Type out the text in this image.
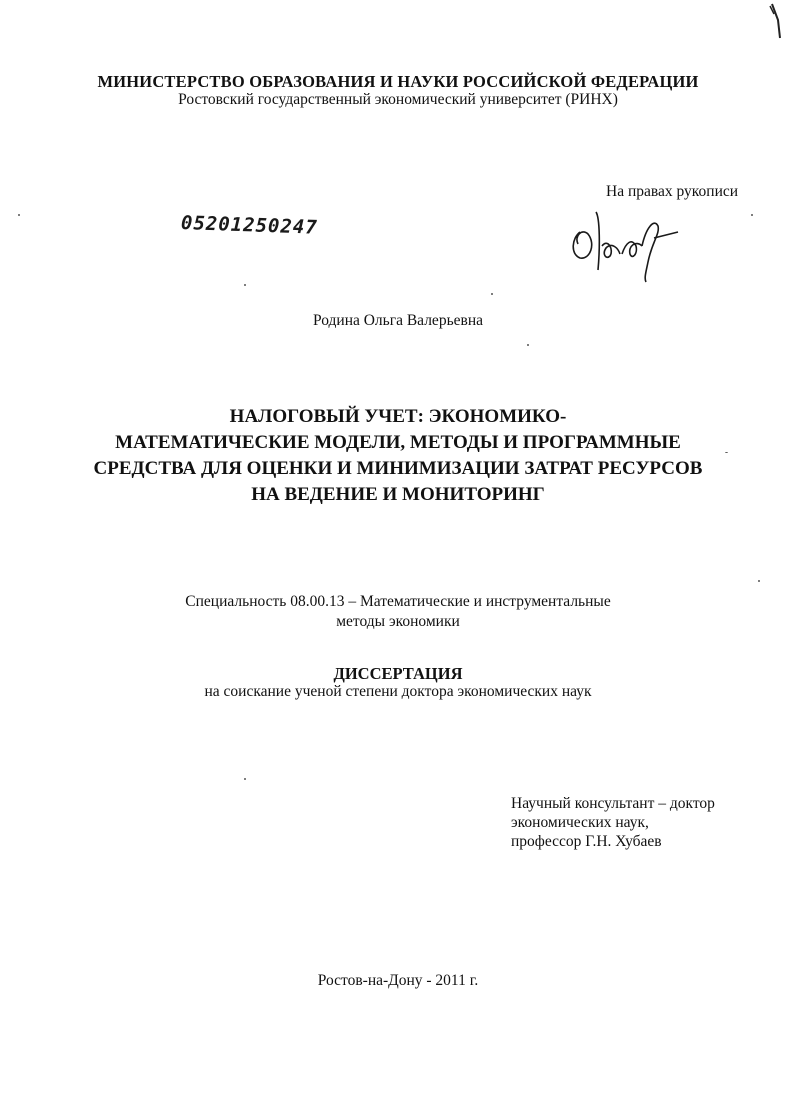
МИНИСТЕРСТВО ОБРАЗОВАНИЯ И НАУКИ РОССИЙСКОЙ ФЕДЕРАЦИИ
Ростовский государственный экономический университет (РИНХ)
На правах рукописи
05201250247
Родина Ольга Валерьевна
НАЛОГОВЫЙ УЧЕТ: ЭКОНОМИКО-
МАТЕМАТИЧЕСКИЕ МОДЕЛИ, МЕТОДЫ И ПРОГРАММНЫЕ
СРЕДСТВА ДЛЯ ОЦЕНКИ И МИНИМИЗАЦИИ ЗАТРАТ РЕСУРСОВ
НА ВЕДЕНИЕ И МОНИТОРИНГ
Специальность 08.00.13 – Математические и инструментальные
методы экономики
ДИССЕРТАЦИЯ
на соискание ученой степени доктора экономических наук
Научный консультант – доктор
экономических наук,
профессор Г.Н. Хубаев
Ростов-на-Дону - 2011 г.
